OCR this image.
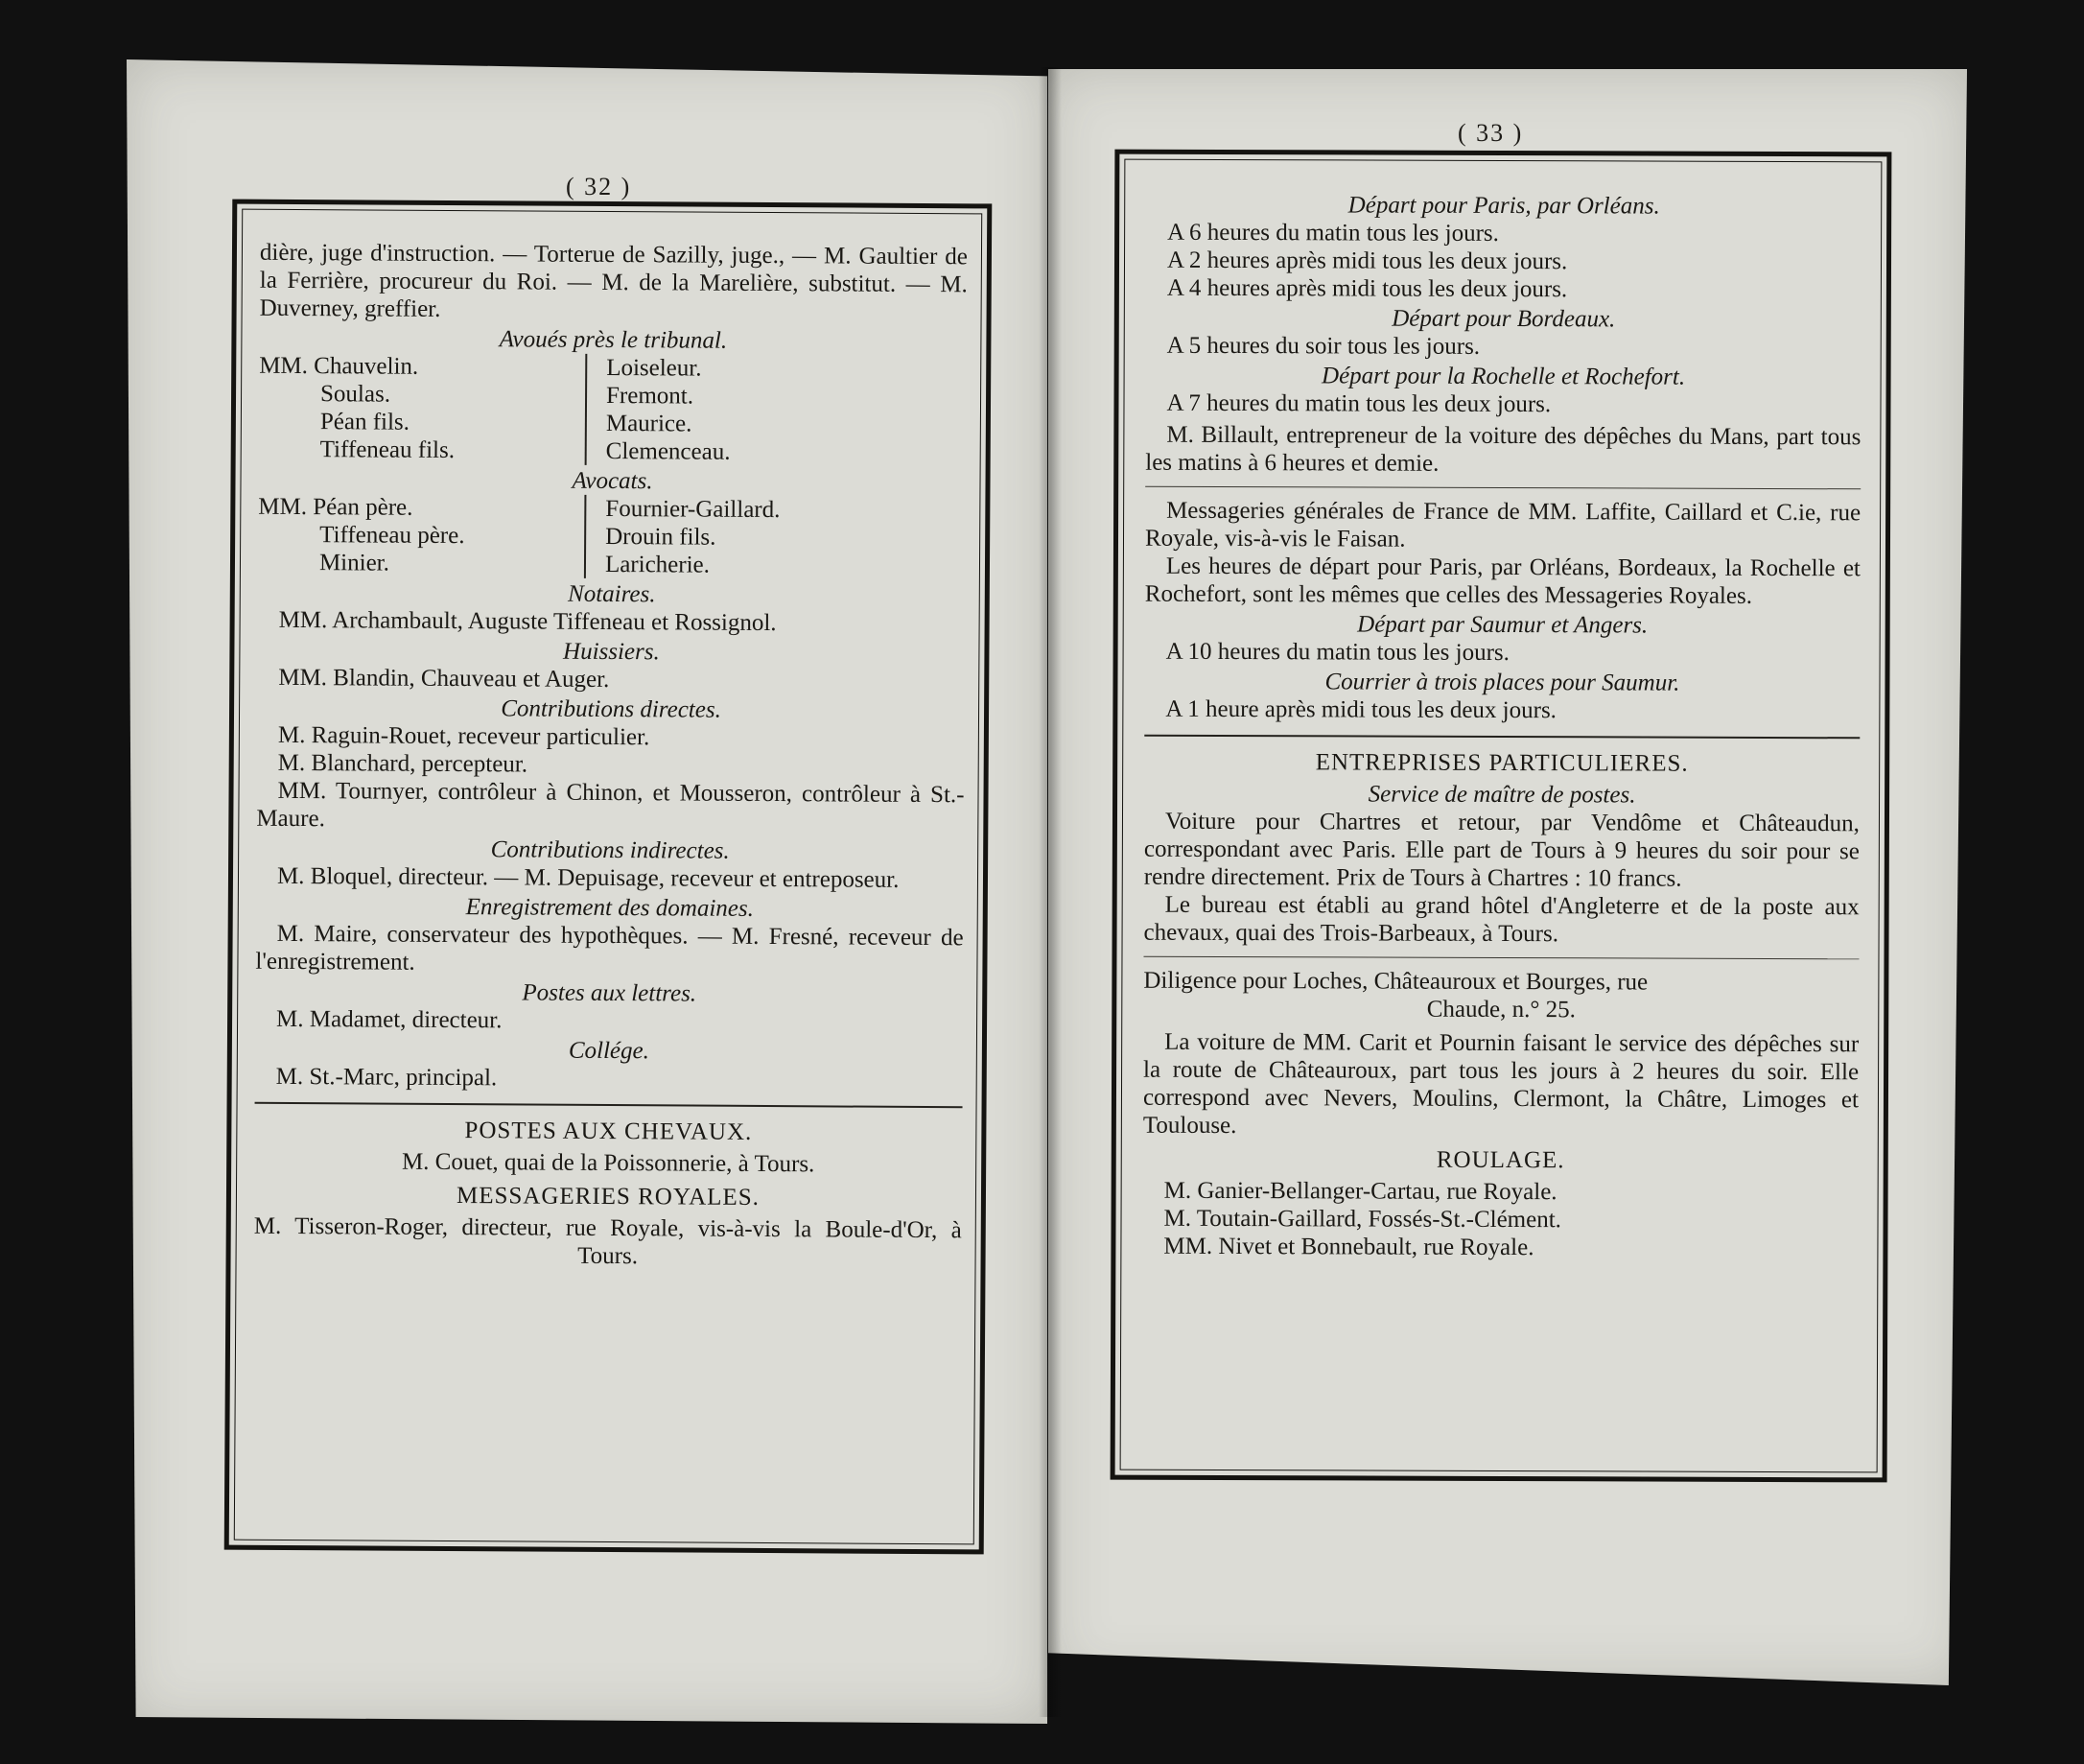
( 32 )
( 33 )

dière, juge d'instruction. — Torterue de Sazilly, juge., — M. Gaultier de la Ferrière, procureur du Roi. — M. de la Marelière, substitut. — M. Duverney, greffier.

Avoués près le tribunal.

MM. Chauvelin.

Soulas.

Péan fils.

Tiffeneau fils.

Loiseleur.

Fremont.

Maurice.

Clemenceau.

Avocats.

MM. Péan père.

Tiffeneau père.

Minier.

Fournier-Gaillard.

Drouin fils.

Laricherie.

Notaires.

MM. Archambault, Auguste Tiffeneau et Rossignol.

Huissiers.

MM. Blandin, Chauveau et Auger.

Contributions directes.

M. Raguin-Rouet, receveur particulier.

M. Blanchard, percepteur.

MM. Tournyer, contrôleur à Chinon, et Mousseron, contrôleur à St.-Maure.

Contributions indirectes.

M. Bloquel, directeur. — M. Depuisage, receveur et entreposeur.

Enregistrement des domaines.

M. Maire, conservateur des hypothèques. — M. Fresné, receveur de l'enregistrement.

Postes aux lettres.

M. Madamet, directeur.

Collége.

M. St.-Marc, principal.

POSTES AUX CHEVAUX.

M. Couet, quai de la Poissonnerie, à Tours.

MESSAGERIES ROYALES.

M. Tisseron-Roger, directeur, rue Royale, vis-à-vis la Boule-d'Or, à Tours.

Départ pour Paris, par Orléans.

A 6 heures du matin tous les jours.

A 2 heures après midi tous les deux jours.

A 4 heures après midi tous les deux jours.

Départ pour Bordeaux.

A 5 heures du soir tous les jours.

Départ pour la Rochelle et Rochefort.

A 7 heures du matin tous les deux jours.

M. Billault, entrepreneur de la voiture des dépêches du Mans, part tous les matins à 6 heures et demie.

Messageries générales de France de MM. Laffite, Caillard et C.ie, rue Royale, vis-à-vis le Faisan.

Les heures de départ pour Paris, par Orléans, Bordeaux, la Rochelle et Rochefort, sont les mêmes que celles des Messageries Royales.

Départ par Saumur et Angers.

A 10 heures du matin tous les jours.

Courrier à trois places pour Saumur.

A 1 heure après midi tous les deux jours.

ENTREPRISES PARTICULIERES.

Service de maître de postes.

Voiture pour Chartres et retour, par Vendôme et Châteaudun, correspondant avec Paris. Elle part de Tours à 9 heures du soir pour se rendre directement. Prix de Tours à Chartres : 10 francs.

Le bureau est établi au grand hôtel d'Angleterre et de la poste aux chevaux, quai des Trois-Barbeaux, à Tours.

Diligence pour Loches, Châteauroux et Bourges, rue

Chaude, n.° 25.

La voiture de MM. Carit et Pournin faisant le service des dépêches sur la route de Châteauroux, part tous les jours à 2 heures du soir. Elle correspond avec Nevers, Moulins, Clermont, la Châtre, Limoges et Toulouse.

ROULAGE.

M. Ganier-Bellanger-Cartau, rue Royale.

M. Toutain-Gaillard, Fossés-St.-Clément.

MM. Nivet et Bonnebault, rue Royale.
